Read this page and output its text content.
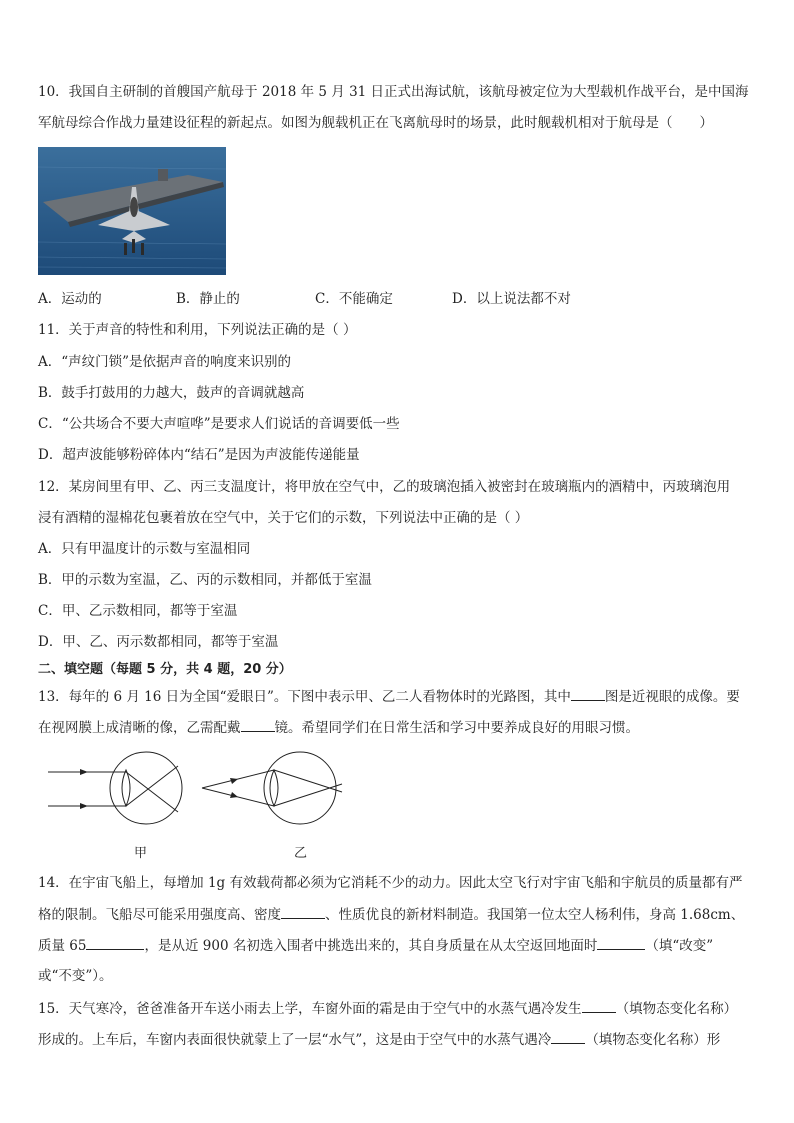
10．我国自主研制的首艘国产航母于 2018 年 5 月 31 日正式出海试航，该航母被定位为大型载机作战平台，是中国海
军航母综合作战力量建设征程的新起点。如图为舰载机正在飞离航母时的场景，此时舰载机相对于航母是（　　）
A．运动的	B．静止的	C．不能确定	D．以上说法都不对
11．关于声音的特性和利用，下列说法正确的是（ ）
A．“声纹门锁”是依据声音的响度来识别的
B．鼓手打鼓用的力越大，鼓声的音调就越高
C．“公共场合不要大声喧哗”是要求人们说话的音调要低一些
D．超声波能够粉碎体内“结石”是因为声波能传递能量
12．某房间里有甲、乙、丙三支温度计，将甲放在空气中，乙的玻璃泡插入被密封在玻璃瓶内的酒精中，丙玻璃泡用
浸有酒精的湿棉花包裹着放在空气中，关于它们的示数，下列说法中正确的是（ ）
A．只有甲温度计的示数与室温相同
B．甲的示数为室温，乙、丙的示数相同，并都低于室温
C．甲、乙示数相同，都等于室温
D．甲、乙、丙示数都相同，都等于室温
二、填空题（每题 5 分，共 4 题，20 分）
13．每年的 6 月 16 日为全国“爱眼日”。下图中表示甲、乙二人看物体时的光路图，其中	图是近视眼的成像。要
在视网膜上成清晰的像，乙需配戴	镜。希望同学们在日常生活和学习中要养成良好的用眼习惯。
甲	乙
14．在宇宙飞船上，每增加 1g 有效载荷都必须为它消耗不少的动力。因此太空飞行对宇宙飞船和宇航员的质量都有严
格的限制。飞船尽可能采用强度高、密度	、性质优良的新材料制造。我国第一位太空人杨利伟，身高 1.68cm、
质量 65	，是从近 900 名初选入围者中挑选出来的，其自身质量在从太空返回地面时	（填“改变”
或“不变”）。
15．天气寒冷，爸爸准备开车送小雨去上学，车窗外面的霜是由于空气中的水蒸气遇冷发生	（填物态变化名称）
形成的。上车后，车窗内表面很快就蒙上了一层“水气”，这是由于空气中的水蒸气遇冷	（填物态变化名称）形
